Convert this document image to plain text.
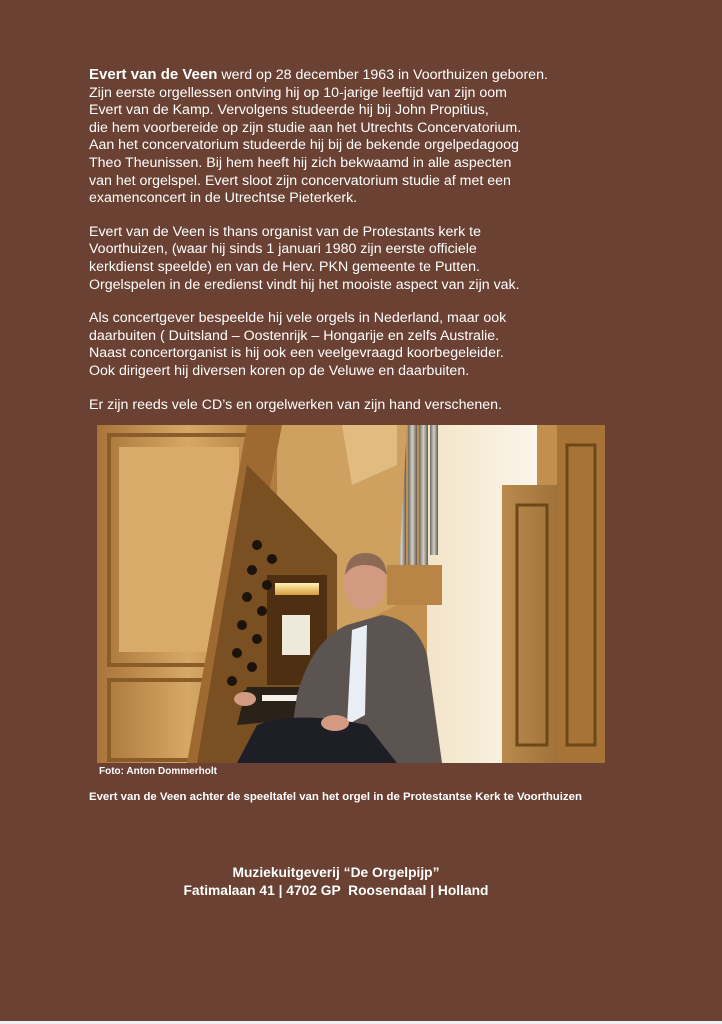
Evert van de Veen werd op 28 december 1963 in Voorthuizen geboren.
Zijn eerste orgellessen ontving hij op 10-jarige leeftijd van zijn oom
Evert van de Kamp. Vervolgens studeerde hij bij John Propitius,
die hem voorbereide op zijn studie aan het Utrechts Concervatorium.
Aan het concervatorium studeerde hij bij de bekende orgelpedagoog
Theo Theunissen. Bij hem heeft hij zich bekwaamd in alle aspecten
van het orgelspel. Evert sloot zijn concervatorium studie af met een
examenconcert in de Utrechtse Pieterkerk.

Evert van de Veen is thans organist van de Protestants kerk te
Voorthuizen, (waar hij sinds 1 januari 1980 zijn eerste officiele
kerkdienst speelde) en van de Herv. PKN gemeente te Putten.
Orgelspelen in de eredienst vindt hij het mooiste aspect van zijn vak.

Als concertgever bespeelde hij vele orgels in Nederland, maar ook
daarbuiten ( Duitsland – Oostenrijk – Hongarije en zelfs Australie.
Naast concertorganist is hij ook een veelgevraagd koorbegeleider.
Ook dirigeert hij diversen koren op de Veluwe en daarbuiten.

Er zijn reeds vele CD’s en orgelwerken van zijn hand verschenen.

Foto: Anton Dommerholt
Evert van de Veen achter de speeltafel van het orgel in de Protestantse Kerk te Voorthuizen
Muziekuitgeverij “De Orgelpijp”
Fatimalaan 41 | 4702 GP  Roosendaal | Holland
